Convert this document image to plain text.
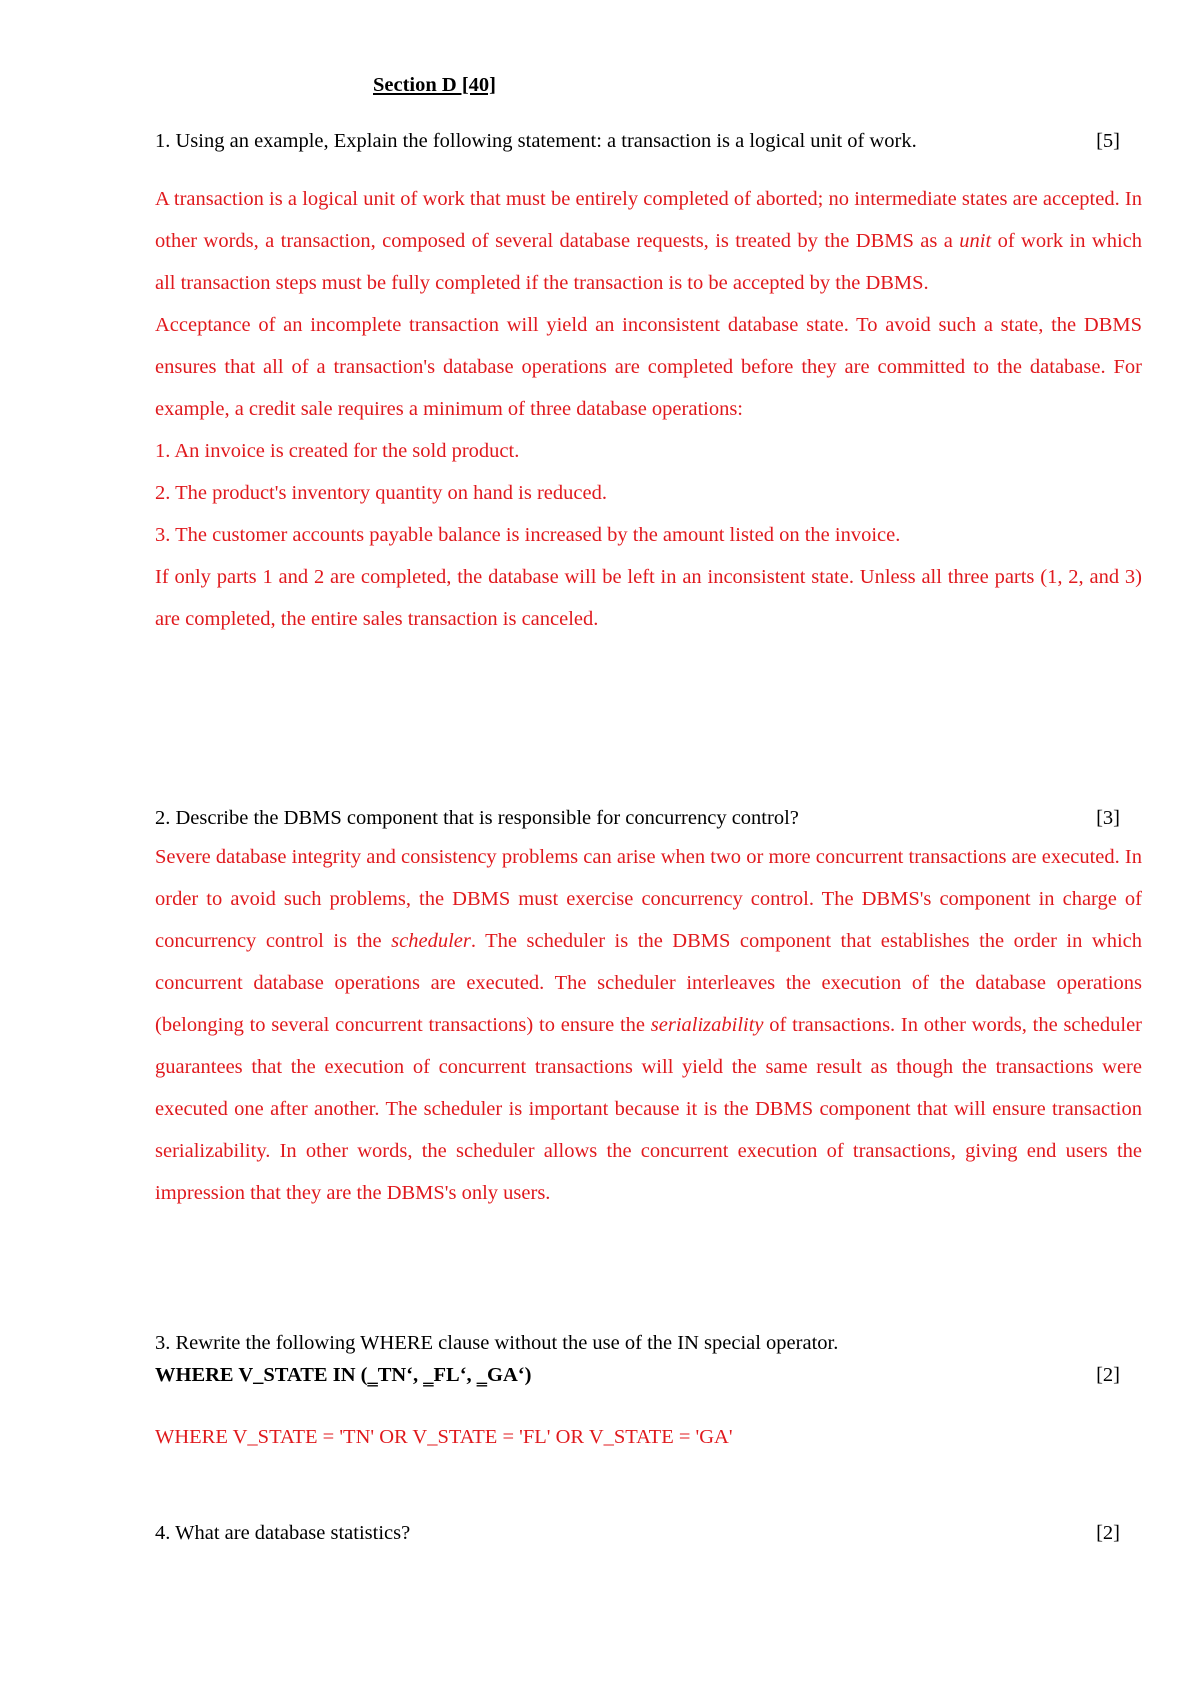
Section D [40]
1. Using an example, Explain the following statement: a transaction is a logical unit of work.	[5]

A transaction is a logical unit of work that must be entirely completed of aborted; no intermediate states are accepted. In other words, a transaction, composed of several database requests, is treated by the DBMS as a unit of work in which all transaction steps must be fully completed if the transaction is to be accepted by the DBMS.

Acceptance of an incomplete transaction will yield an inconsistent database state. To avoid such a state, the DBMS ensures that all of a transaction's database operations are completed before they are committed to the database. For example, a credit sale requires a minimum of three database operations:

1. An invoice is created for the sold product.

2. The product's inventory quantity on hand is reduced.

3. The customer accounts payable balance is increased by the amount listed on the invoice.

If only parts 1 and 2 are completed, the database will be left in an inconsistent state. Unless all three parts (1, 2, and 3) are completed, the entire sales transaction is canceled.

2. Describe the DBMS component that is responsible for concurrency control?	[3]

Severe database integrity and consistency problems can arise when two or more concurrent transactions are executed. In order to avoid such problems, the DBMS must exercise concurrency control. The DBMS's component in charge of concurrency control is the scheduler. The scheduler is the DBMS component that establishes the order in which concurrent database operations are executed. The scheduler interleaves the execution of the database operations (belonging to several concurrent transactions) to ensure the serializability of transactions. In other words, the scheduler guarantees that the execution of concurrent transactions will yield the same result as though the transactions were executed one after another. The scheduler is important because it is the DBMS component that will ensure transaction serializability. In other words, the scheduler allows the concurrent execution of transactions, giving end users the impression that they are the DBMS's only users.

3. Rewrite the following WHERE clause without the use of the IN special operator.
WHERE V_STATE IN (‗TN‘, ‗FL‘, ‗GA‘)	[2]
WHERE V_STATE = 'TN' OR V_STATE = 'FL' OR V_STATE = 'GA'
4. What are database statistics?	[2]
